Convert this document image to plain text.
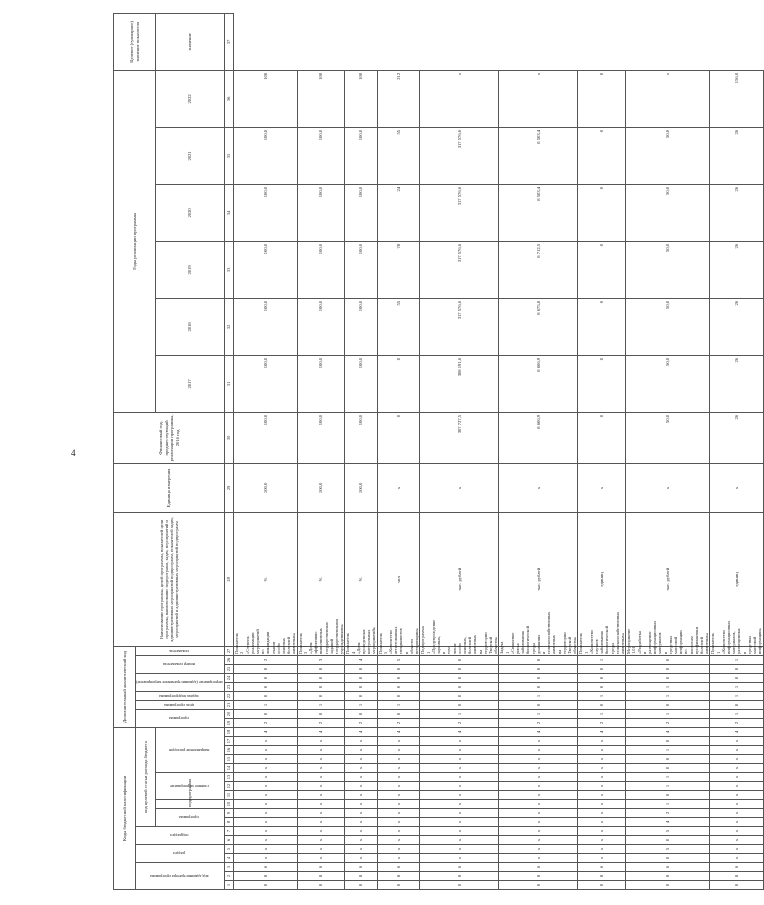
4
Коды бюджетной классификации																		Дополнительный аналитический код									Наименование программы, целей программы, показателей цели программы, наименование подпрограмм, задач, мероприятий и административных мероприятий подпрограмм, показателей задач, мероприятий и административных мероприятий подпрограмм	Единица измерения	Финансовый год, предшествующий реализации программы, 2016 год	Годы реализации программы						Целевое (суммарное) значение показателя
код администратора программы			раздел		подраздел		код целевой статьи расхода бюджета											программа		цель программы	задача подпрограммы	мероприятие (административное мероприятие)		номер показателя		показатель										
							программа		подпрограмма	главное мероприятие			направление расходов																	2017	2018	2019	2020	2021	2022	значение
1	2	3	4	5	6	7	8	9	10	11	12	13	14	15	16	17	18	19	20	21	22	23	24	25	26	27	28	29	30	31	32	33	34	35	36	37
0	8	6	x	x	x	x	x	x	x	x	x	x	x	x	x	x	4	2	0	1	0	0	0	0	2	Показатель 2 «Степень реализации мероприятий по ликвидации очагов особо опасных болезней животных»	%	100,0	100,0	100,0	100,0	100,0	100,0	100,0	100	
0	8	6	x	x	x	x	x	x	x	x	x	x	x	x	x	x	4	2	0	1	0	0	0	0	3	Показатель 3 «Доля эффективно выполненных государственных заданий государственными учреждениями»	%	100,0	100,0	100,0	100,0	100,0	100,0	100,0	100	
0	8	6	x	x	x	x	x	x	x	x	x	x	x	x	x	x	4	2	0	1	0	0	0	0	4	Показатель 4 «Доля проведенных контрольных мероприятий»	%	100,0	100,0	100,0	100,0	100,0	100,0	100,0	100	
0	8	6	x	x	x	x	x	x	x	x	x	x	x	x	x	x	4	2	0	1	0	0	0	0	5	Показатель 5 «Количество аттестованных специалистов в области ветеринарии»	чел	x	0	0	55	78	24	55	212	
0	8	6	x	x	x	x	x	x	x	x	x	x	x	x	x	x	4	2	1	0	0	0	0	0	0	Подпрограмма 1 «Предупреждение заразных, в том числе особо опасных, болезней животных на территории Тверской области»	тыс. рублей	x	307 727,5	308 191,6	317 576,6	317 576,6	317 576,6	317 576,6	x	
0	8	6	x	x	x	x	x	x	x	x	x	x	x	x	x	x	4	2	1	0	1	0	0	0	0	Задача 1 «Снижение риска заболевания биологической среды домашних и сельскохозяйственных животных на территории Тверской области»	тыс. рублей	x	8 606,9	8 606,9	8 675,8	8 712,5	8 503,4	8 503,4	x	
0	8	6	x	x	x	x	x	x	x	x	x	x	x	x	x	x	4	2	1	0	1	0	0	0	1	Показатель 1 «Количество случаев заболевания биологической среды сельскохозяйственных животных»	единиц	x	0	0	0	0	0	0	0	
0	8	6	0	5	0	5	4	2	1	0	1	1	0	0	1	0	4	2	1	0	1	1	0	0	0	Мероприятие 1.01 «Разработка и размещение информационных материалов в средствах массовой информации по вопросам профилактики болезней животных»	тыс. рублей	x	50,0	50,0	50,0	50,0	50,0	50,0	x	
0	8	6	x	x	x	x	x	x	x	x	x	x	x	x	x	x	4	2	1	0	1	1	0	0	1	Показатель 1 «Количество информационных материалов, размещенных в средствах массовой информации»	единиц	x	26	26	26	26	26	26	156,0	
